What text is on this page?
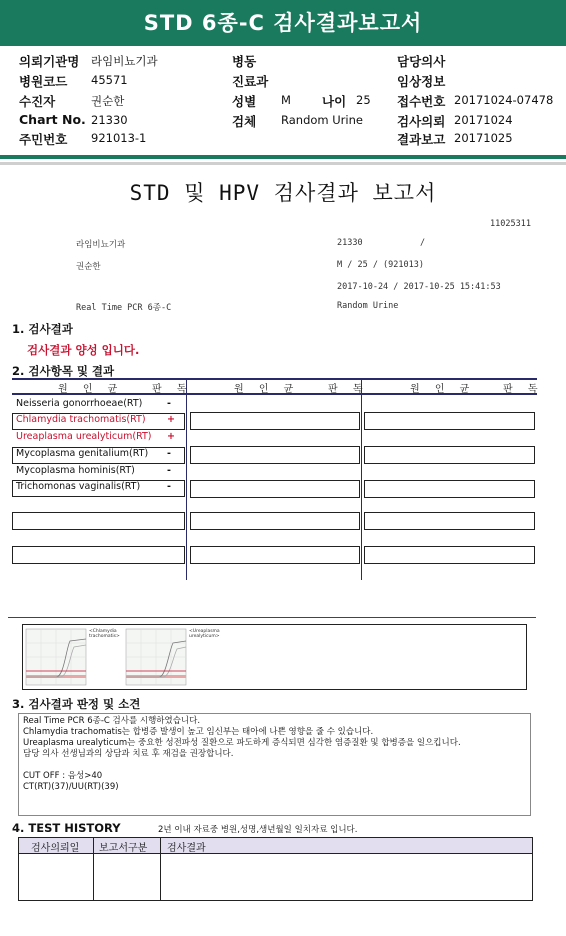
STD 6종-C 검사결과보고서
의뢰기관명 라임비뇨기과	병동	담당의사
병원코드 45571	진료과	임상정보
수진자	권순한	성별 M 나이 25 접수번호 20171024-07478
Chart No. 21330	검체 Random Urine	검사의뢰 20171024
주민번호 921013-1	결과보고 20171025
STD 및 HPV 검사결과 보고서
11025311
라임비뇨기과	21330	/
권순한	M / 25 / (921013)
2017-10-24 / 2017-10-25 15:41:53
Real Time PCR 6종-C	Random Urine
1. 검사결과
검사결과 양성 입니다.
2. 검사항목 및 결과
원 인 균	판 독	원 인 균	판 독	원 인 균	판 독
Neisseria gonorrhoeae(RT)	-
Chlamydia trachomatis(RT) +
Ureaplasma urealyticum(RT) +
Mycoplasma genitalium(RT) -
Mycoplasma hominis(RT)	-
Trichomonas vaginalis(RT)	-
<Chlamydia trachomatis>
<Ureaplasma urealyticum>
3. 검사결과 판정 및 소견
Real Time PCR 6종-C 검사를 시행하였습니다.
Chlamydia trachomatis는 합병증 발생이 높고 임신부는 태아에 나쁜 영향을 줄 수 있습니다.
Ureaplasma urealyticum는 중요한 성전파성 질환으로 파도하게 증식되면 심각한 염증질환 및 합병증을 일으킵니다.
담당 의사 선생님과의 상담과 치료 후 재검을 권장합니다.

CUT OFF : 음성>40
CT(RT)(37)/UU(RT)(39)
4. TEST HISTORY	2년 이내 자료중 병원,성명,생년월일 일치자료 입니다.
검사의뢰일 보고서구분 검사결과
